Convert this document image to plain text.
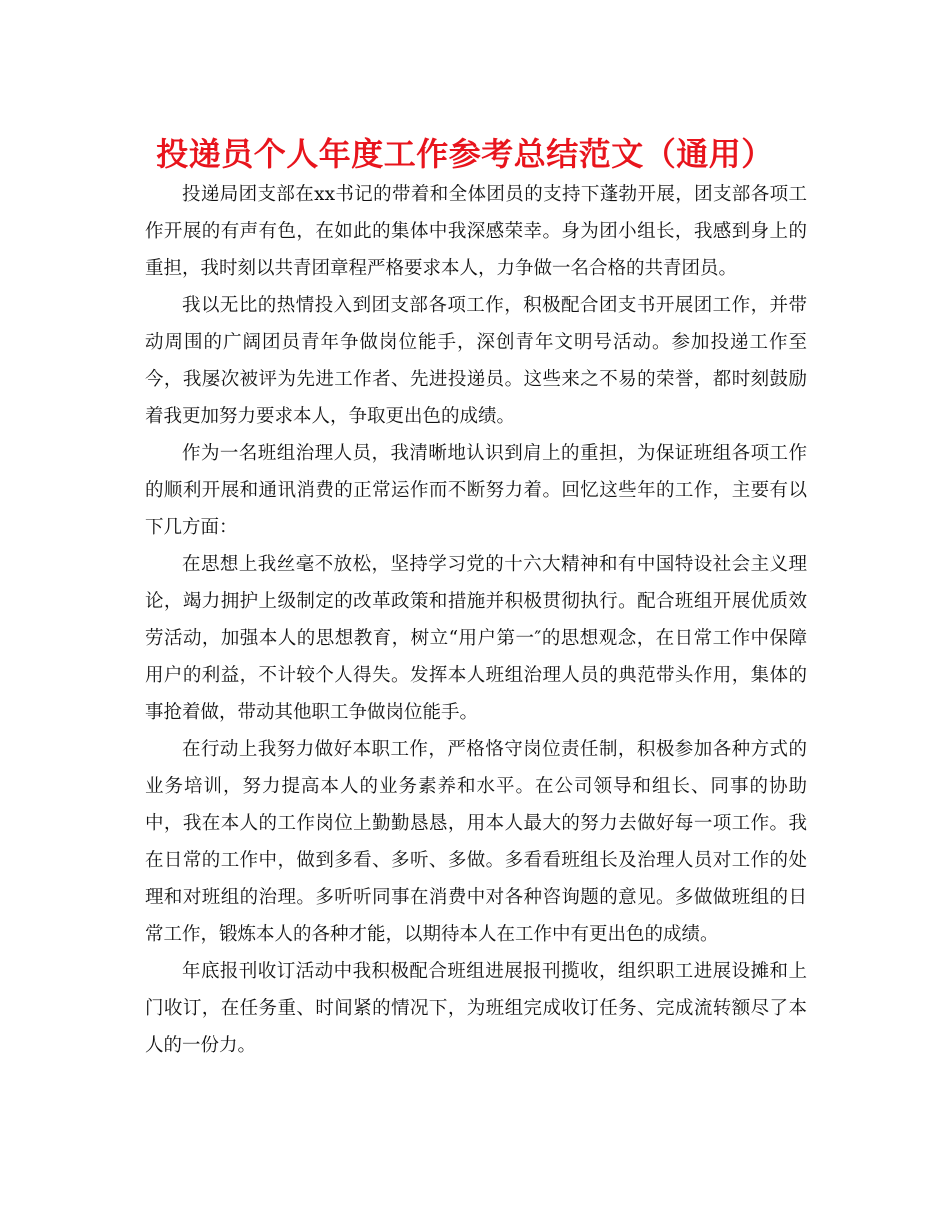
投递员个人年度工作参考总结范文（通用）

投递局团支部在xx书记的带着和全体团员的支持下蓬勃开展，团支部各项工作开展的有声有色，在如此的集体中我深感荣幸。身为团小组长，我感到身上的重担，我时刻以共青团章程严格要求本人，力争做一名合格的共青团员。

我以无比的热情投入到团支部各项工作，积极配合团支书开展团工作，并带动周围的广阔团员青年争做岗位能手，深创青年文明号活动。参加投递工作至今，我屡次被评为先进工作者、先进投递员。这些来之不易的荣誉，都时刻鼓励着我更加努力要求本人，争取更出色的成绩。

作为一名班组治理人员，我清晰地认识到肩上的重担，为保证班组各项工作的顺利开展和通讯消费的正常运作而不断努力着。回忆这些年的工作，主要有以下几方面：

在思想上我丝毫不放松，坚持学习党的十六大精神和有中国特设社会主义理论，竭力拥护上级制定的改革政策和措施并积极贯彻执行。配合班组开展优质效劳活动，加强本人的思想教育，树立“用户第一″的思想观念，在日常工作中保障用户的利益，不计较个人得失。发挥本人班组治理人员的典范带头作用，集体的事抢着做，带动其他职工争做岗位能手。

在行动上我努力做好本职工作，严格恪守岗位责任制，积极参加各种方式的业务培训，努力提高本人的业务素养和水平。在公司领导和组长、同事的协助中，我在本人的工作岗位上勤勤恳恳，用本人最大的努力去做好每一项工作。我在日常的工作中，做到多看、多听、多做。多看看班组长及治理人员对工作的处理和对班组的治理。多听听同事在消费中对各种咨询题的意见。多做做班组的日常工作，锻炼本人的各种才能，以期待本人在工作中有更出色的成绩。

年底报刊收订活动中我积极配合班组进展报刊揽收，组织职工进展设摊和上门收订，在任务重、时间紧的情况下，为班组完成收订任务、完成流转额尽了本人的一份力。
